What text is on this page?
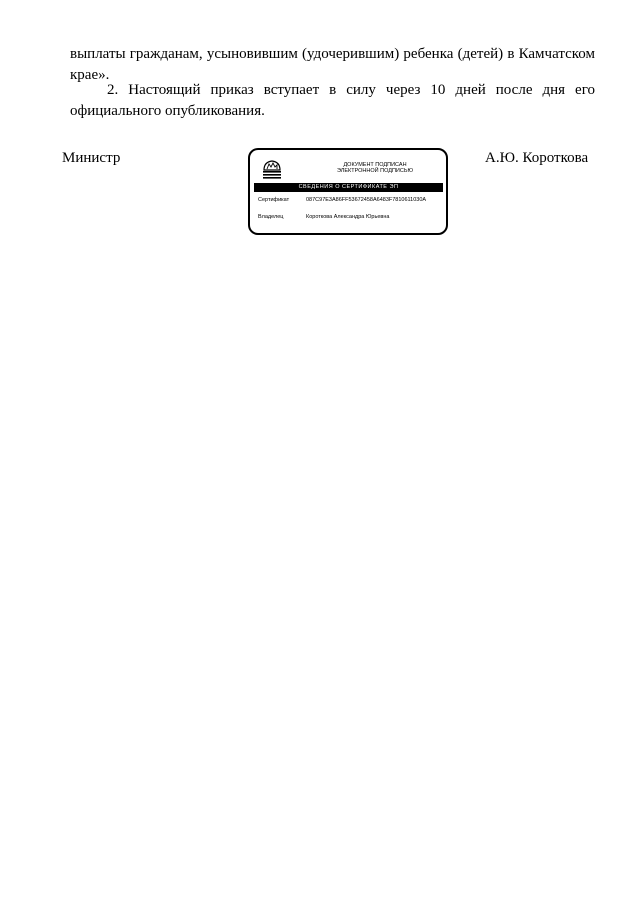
выплаты гражданам, усыновившим (удочерившим) ребенка (детей) в Камчатском крае».

2. Настоящий приказ вступает в силу через 10 дней после дня его официального опубликования.

Министр	А.Ю. Короткова
ДОКУМЕНТ ПОДПИСАН
ЭЛЕКТРОННОЙ ПОДПИСЬЮ
СВЕДЕНИЯ О СЕРТИФИКАТЕ ЭП
Сертификат	087C97E3A86FF53672458A6483F7810611030A
Владелец	Короткова Александра Юрьевна
